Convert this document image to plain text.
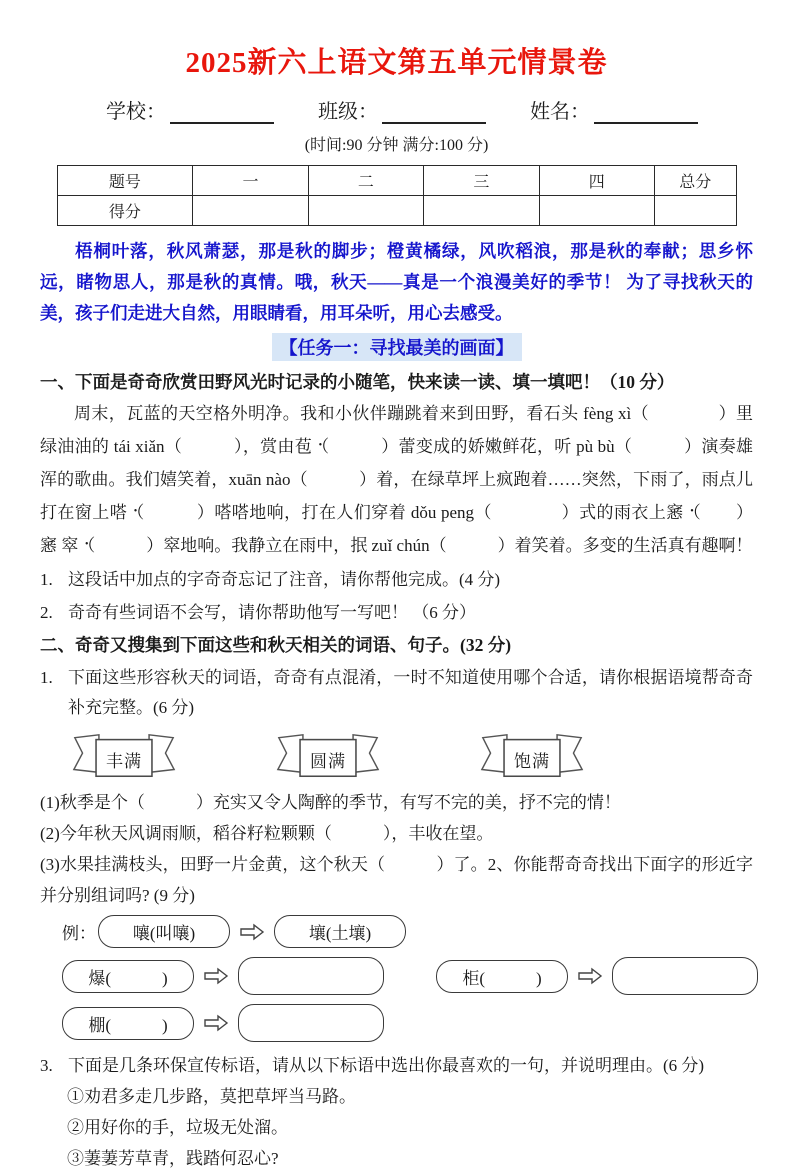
2025新六上语文第五单元情景卷
学校：	班级：	姓名：
(时间:90 分钟 满分:100 分)
题号	一	二	三	四	总分
得分					

梧桐叶落，秋风萧瑟，那是秋的脚步；橙黄橘绿，风吹稻浪，那是秋的奉献；思乡怀远，睹物思人，那是秋的真情。哦，秋天——真是一个浪漫美好的季节！ 为了寻找秋天的美，孩子们走进大自然，用眼睛看，用耳朵听，用心去感受。

【任务一：寻找最美的画面】
一、下面是奇奇欣赏田野风光时记录的小随笔，快来读一读、填一填吧！（10 分）

周末，瓦蓝的天空格外明净。我和小伙伴蹦跳着来到田野，看石头 fèng xì（　　　　）里绿油油的 tái xiǎn（　　　），赏由苞 •（　　　）蕾变成的娇嫩鲜花，听 pù bù（　　　）演奏雄浑的歌曲。我们嬉笑着，xuān nào（　　　）着，在绿草坪上疯跑着……突然，下雨了，雨点儿打在窗上嗒 •（　　　）嗒嗒地响，打在人们穿着 dǒu peng（　　　　）式的雨衣上窸 •（　　）窸 窣 •（　　　）窣地响。我静立在雨中，抿 zuǐ chún（　　　）着笑着。多变的生活真有趣啊！

1. 这段话中加点的字奇奇忘记了注音，请你帮他完成。(4 分)
2. 奇奇有些词语不会写，请你帮助他写一写吧！ （6 分）
二、奇奇又搜集到下面这些和秋天相关的词语、句子。(32 分)
1. 下面这些形容秋天的词语，奇奇有点混淆，一时不知道使用哪个合适，请你根据语境帮奇奇补充完整。(6 分)
丰满	圆满	饱满
(1)秋季是个（　　　）充实又令人陶醉的季节，有写不完的美，抒不完的情！
(2)今年秋天风调雨顺，稻谷籽粒颗颗（　　　），丰收在望。
(3)水果挂满枝头，田野一片金黄，这个秋天（　　　）了。2、你能帮奇奇找出下面字的形近字并分别组词吗? (9 分)
例：	嚷(叫嚷)	壤(土壤)
爆(　　　)	柜(　　　)
棚(　　　)
3. 下面是几条环保宣传标语，请从以下标语中选出你最喜欢的一句，并说明理由。(6 分)
①劝君多走几步路，莫把草坪当马路。
②用好你的手，垃圾无处溜。
③萋萋芳草青，践踏何忍心?
